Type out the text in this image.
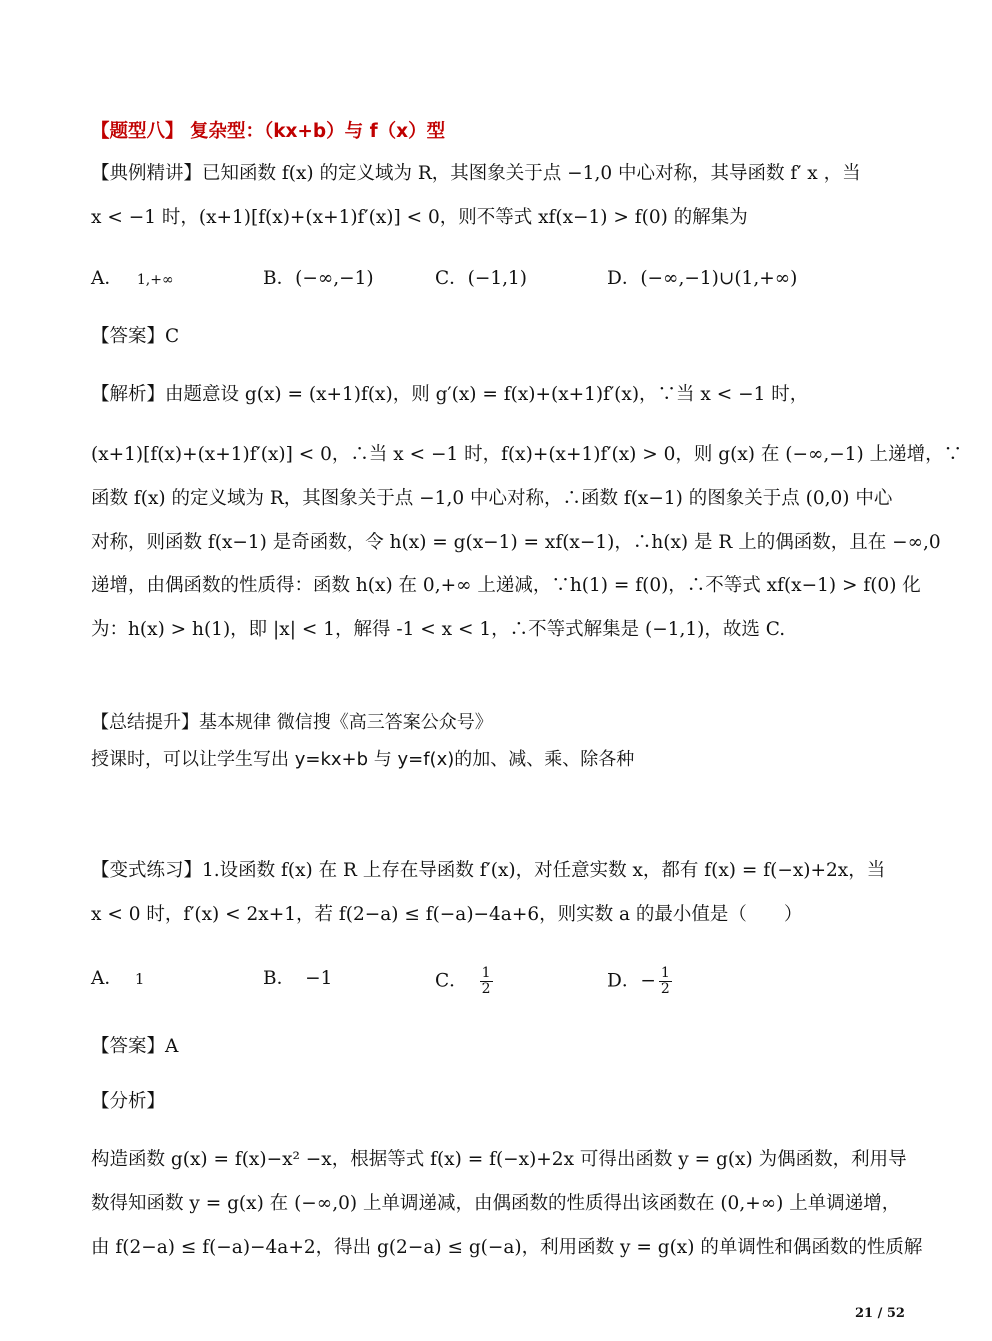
【题型八】 复杂型：（kx+b）与 f（x）型
【典例精讲】已知函数 f(x) 的定义域为 R，其图象关于点 −1,0 中心对称，其导函数 f′ x ，当
x < −1 时，(x+1)[f(x)+(x+1)f′(x)] < 0，则不等式 xf(x−1) > f(0) 的解集为
A． 1,+∞	B．(−∞,−1)	C．(−1,1)	D．(−∞,−1)∪(1,+∞)
【答案】C
【解析】由题意设 g(x) = (x+1)f(x)，则 g′(x) = f(x)+(x+1)f′(x)，∵当 x < −1 时，
(x+1)[f(x)+(x+1)f′(x)] < 0，∴当 x < −1 时，f(x)+(x+1)f′(x) > 0，则 g(x) 在 (−∞,−1) 上递增，∵
函数 f(x) 的定义域为 R，其图象关于点 −1,0 中心对称，∴函数 f(x−1) 的图象关于点 (0,0) 中心
对称，则函数 f(x−1) 是奇函数，令 h(x) = g(x−1) = xf(x−1)，∴h(x) 是 R 上的偶函数，且在 −∞,0
递增，由偶函数的性质得：函数 h(x) 在 0,+∞ 上递减，∵h(1) = f(0)，∴不等式 xf(x−1) > f(0) 化
为：h(x) > h(1)，即 |x| < 1，解得 -1 < x < 1，∴不等式解集是 (−1,1)，故选 C.
【总结提升】基本规律 微信搜《高三答案公众号》
授课时，可以让学生写出 y=kx+b 与 y=f(x)的加、减、乘、除各种
【变式练习】1.设函数 f(x) 在 R 上存在导函数 f′(x)，对任意实数 x，都有 f(x) = f(−x)+2x，当
x < 0 时，f′(x) < 2x+1，若 f(2−a) ≤ f(−a)−4a+6，则实数 a 的最小值是（　　）
A． 1	B． −1	C． $\frac{1}{2}$	D．− $\frac{1}{2}$
【答案】A
【分析】
构造函数 g(x) = f(x)−x² −x，根据等式 f(x) = f(−x)+2x 可得出函数 y = g(x) 为偶函数，利用导
数得知函数 y = g(x) 在 (−∞,0) 上单调递减，由偶函数的性质得出该函数在 (0,+∞) 上单调递增，
由 f(2−a) ≤ f(−a)−4a+2，得出 g(2−a) ≤ g(−a)，利用函数 y = g(x) 的单调性和偶函数的性质解
21 / 52
